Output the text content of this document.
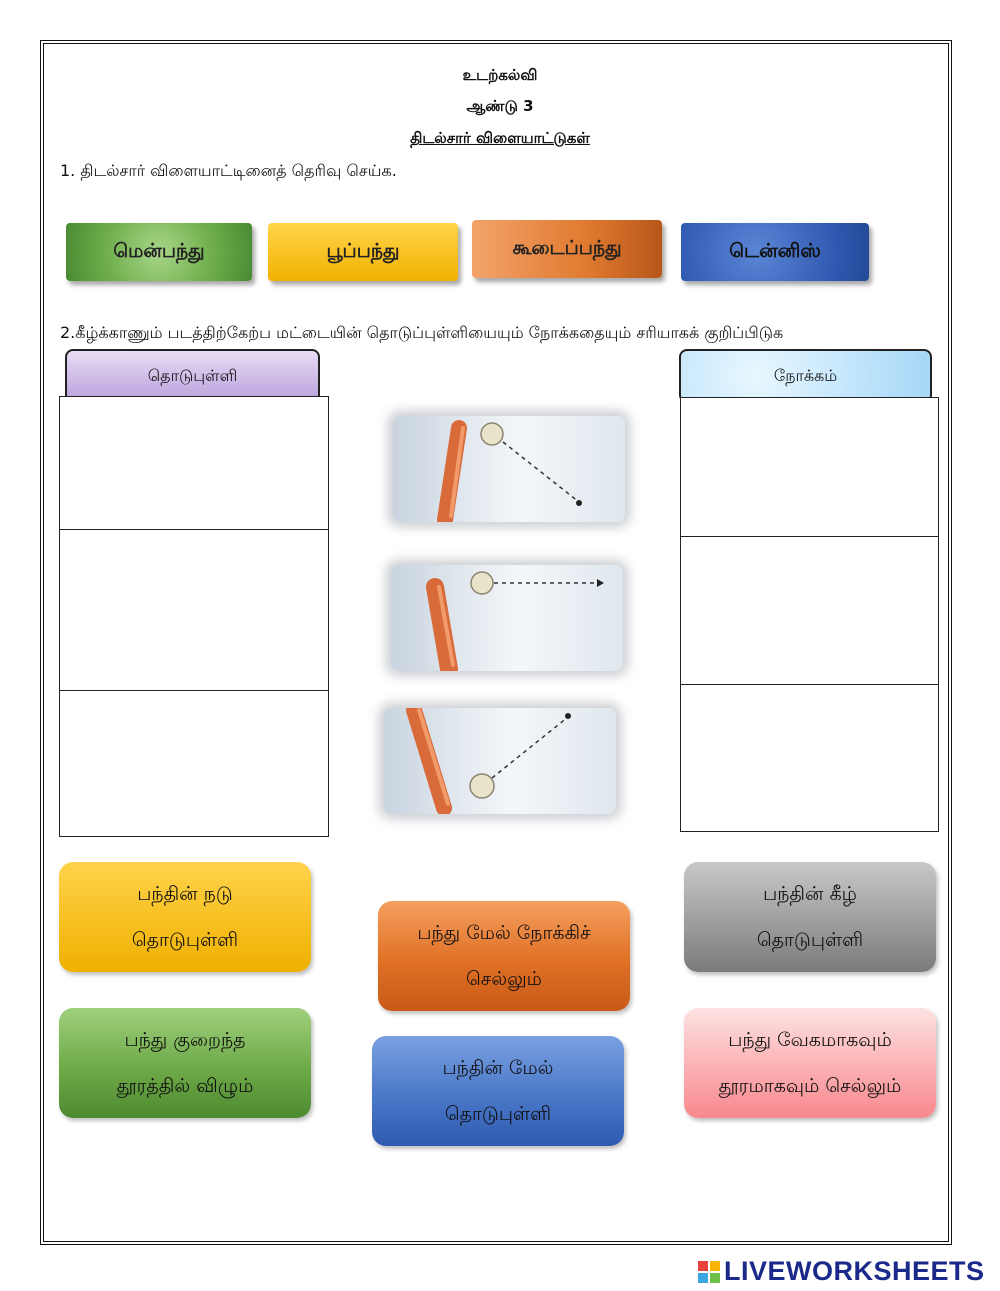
உடற்கல்வி
ஆண்டு 3
திடல்சார் விளையாட்டுகள்
1. திடல்சார் விளையாட்டினைத் தெரிவு செய்க.
மென்பந்து	பூப்பந்து	கூடைப்பந்து	டென்னிஸ்
2.கீழ்க்காணும் படத்திற்கேற்ப மட்டையின் தொடுப்புள்ளியையும் நோக்கதையும் சரியாகக் குறிப்பிடுக
தொடுபுள்ளி	நோக்கம்
பந்தின் நடு
தொடுபுள்ளி	பந்து மேல் நோக்கிச்
செல்லும்
பந்தின் கீழ்
தொடுபுள்ளி
பந்து குறைந்த
தூரத்தில் விழும்
பந்தின் மேல்
தொடுபுள்ளி
பந்து வேகமாகவும்
தூரமாகவும் செல்லும்
LIVEWORKSHEETS
